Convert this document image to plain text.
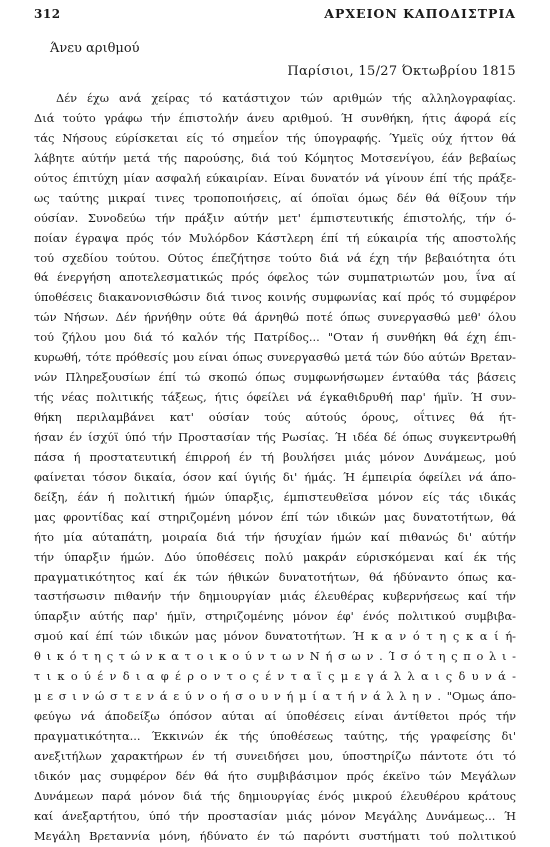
312	ΑΡΧΕΙΟΝ ΚΑΠΟΔΙΣΤΡΙΑ
Άνευ αριθμού
Παρίσιοι, 15/27 Όκτωβρίου 1815
Δέν έχω ανά χείρας τό κατάστιχον τών αριθμών τής αλληλογραφίας.
Διά τούτο γράφω τήν έπιστολήν άνευ αριθμού. Ή συνθήκη, ήτις άφορά είς
τάς Νήσους εύρίσκεται είς τό σημεΐον τής ύπογραφής. Ύμεϊς ούχ ήττον θά
λάβητε αύτήν μετά τής παρούσης, διά τού Κόμητος Μοτσενίγου, έάν βεβαίως
ούτος έπιτύχη μίαν ασφαλή εύκαιρίαν. Είναι δυνατόν νά γίνουν έπί τής πράξε-
ως ταύτης μικραί τινες τροποποιήσεις, αί όποϊαι όμως δέν θά θίξουν τήν
ούσίαν. Συνοδεύω τήν πράξιν αύτήν μετ' έμπιστευτικής έπιστολής, τήν ό-
ποίαν έγραψα πρός τόν Μυλόρδον Κάστλερη έπί τή εύκαιρία τής αποστολής
τού σχεδίου τούτου. Ούτος έπεζήτησε τούτο διά νά έχη τήν βεβαιότητα ότι
θά ένεργήση αποτελεσματικώς πρός όφελος τών συμπατριωτών μου, ΐνα αί
ύποθέσεις διακανονισθώσιν διά τινος κοινής συμφωνίας καί πρός τό συμφέρον
τών Νήσων. Δέν ήρνήθην ούτε θά άρνηθώ ποτέ όπως συνεργασθώ μεθ' όλου
τού ζήλου μου διά τό καλόν τής Πατρίδος... "Οταν ή συνθήκη θά έχη έπι-
κυρωθή, τότε πρόθεσίς μου είναι όπως συνεργασθώ μετά τών δύο αύτών Βρεταν-
νών Πληρεξουσίων έπί τώ σκοπώ όπως συμφωνήσωμεν ένταύθα τάς βάσεις
τής νέας πολιτικής τάξεως, ήτις όφείλει νά έγκαθιδρυθή παρ' ήμϊν. Ή συν-
θήκη περιλαμβάνει κατ' ούσίαν τούς αύτούς όρους, οΐτινες θά ήτ-
ήσαν έν ίσχύϊ ύπό τήν Προστασίαν τής Ρωσίας. Ή ιδέα δέ όπως συγκεντρωθή
πάσα ή προστατευτική έπιρροή έν τή βουλήσει μιάς μόνον Δυνάμεως, μού
φαίνεται τόσον δικαία, όσον καί ύγιής δι' ήμάς. Ή έμπειρία όφείλει νά άπο-
δείξη, έάν ή πολιτική ήμών ύπαρξις, έμπιστευθεϊσα μόνον είς τάς ιδικάς
μας φροντίδας καί στηριζομένη μόνον έπί τών ιδικών μας δυνατοτήτων, θά
ήτο μία αύταπάτη, μοιραία διά τήν ήσυχίαν ήμών καί πιθανώς δι' αύτήν
τήν ύπαρξιν ήμών. Δύο ύποθέσεις πολύ μακράν εύρισκόμεναι καί έκ τής
πραγματικότητος καί έκ τών ήθικών δυνατοτήτων, θά ήδύναντο όπως κα-
ταστήσωσιν πιθανήν τήν δημιουργίαν μιάς έλευθέρας κυβερνήσεως καί τήν
ύπαρξιν αύτής παρ' ήμϊν, στηριζομένης μόνον έφ' ένός πολιτικού συμβιβα-
σμού καί έπί τών ιδικών μας μόνον δυνατοτήτων. Ή κ α ν ό τ η ς κ α ί ή-
θ ι κ ό τ η ς τ ώ ν κ α τ ο ι κ ο ύ ν τ ω ν Ν ή σ ω ν . Ί σ ό τ η ς π ο λ ι -
τ ι κ ο ύ έ ν δ ι α φ έ ρ ο ν τ ο ς έ ν τ α ϊ ς μ ε γ ά λ λ α ι ς δ υ ν ά -
μ ε σ ι ν ώ σ τ ε ν ά ε ύ ν ο ή σ ο υ ν ή μ ί α τ ή ν ά λ λ η ν . "Ομως άπο-
φεύγω νά άποδείξω όπόσον αύται αί ύποθέσεις είναι άντίθετοι πρός τήν
πραγματικότητα... Έκκινών έκ τής ύποθέσεως ταύτης, τής γραφείσης δι'
ανεξιτήλων χαρακτήρων έν τή συνειδήσει μου, ύποστηρίζω πάντοτε ότι τό
ιδικόν μας συμφέρον δέν θά ήτο συμβιβάσιμον πρός έκεϊνο τών Μεγάλων
Δυνάμεων παρά μόνον διά τής δημιουργίας ένός μικρού έλευθέρου κράτους
καί άνεξαρτήτου, ύπό τήν προστασίαν μιάς μόνον Μεγάλης Δυνάμεως... Ή
Μεγάλη Βρεταννία μόνη, ήδύνατο έν τώ παρόντι συστήματι τού πολιτικού
